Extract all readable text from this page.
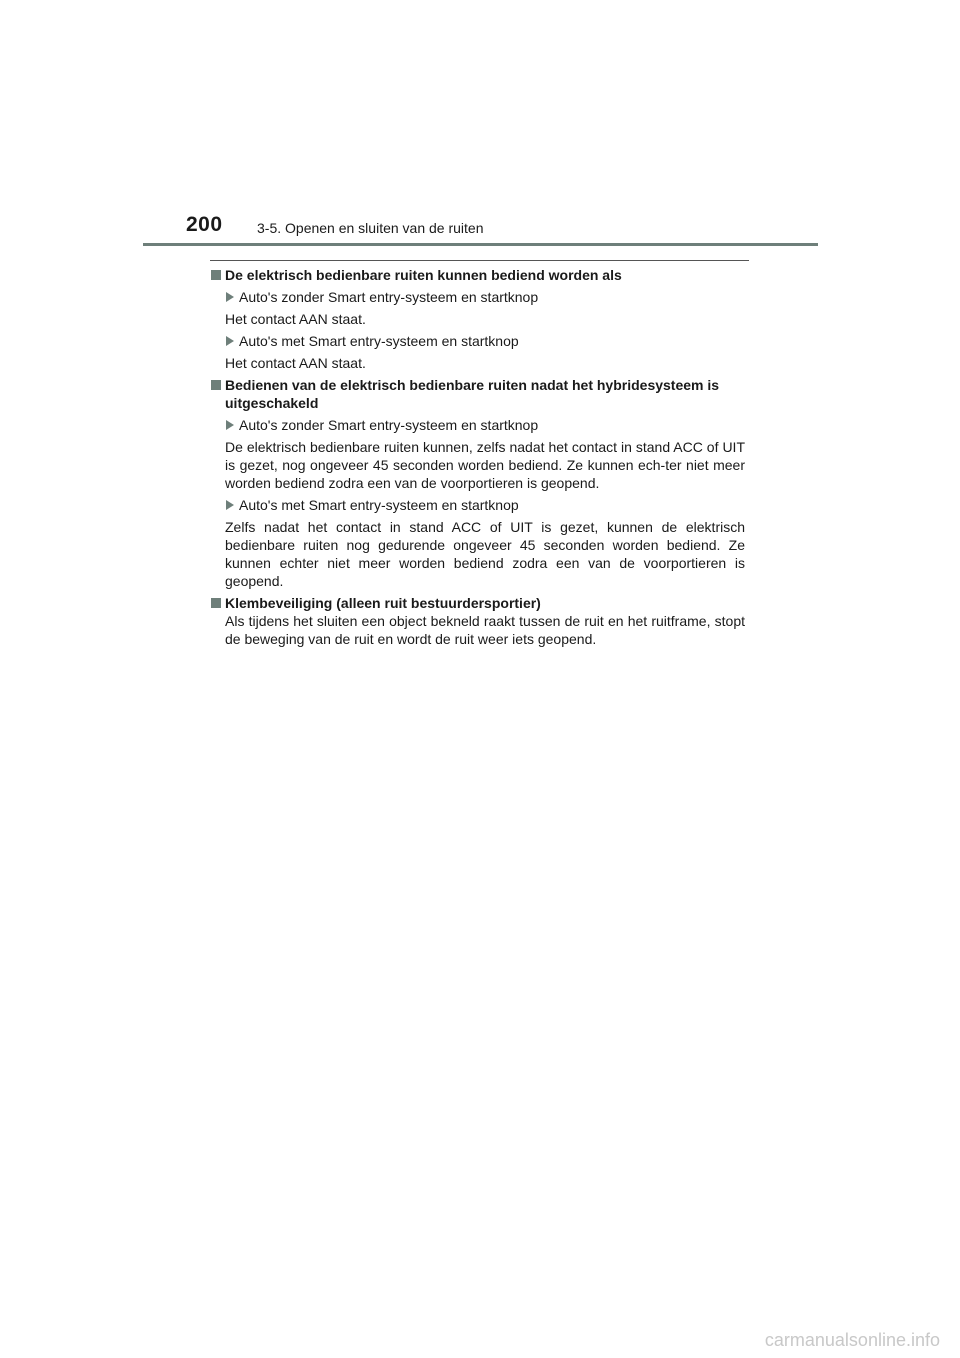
200 3-5. Openen en sluiten van de ruiten
De elektrisch bedienbare ruiten kunnen bediend worden als
Auto's zonder Smart entry-systeem en startknop
Het contact AAN staat.
Auto's met Smart entry-systeem en startknop
Het contact AAN staat.
Bedienen van de elektrisch bedienbare ruiten nadat het hybridesysteem is uitgeschakeld
Auto's zonder Smart entry-systeem en startknop
De elektrisch bedienbare ruiten kunnen, zelfs nadat het contact in stand ACC of UIT is gezet, nog ongeveer 45 seconden worden bediend. Ze kunnen ech-ter niet meer worden bediend zodra een van de voorportieren is geopend.
Auto's met Smart entry-systeem en startknop
Zelfs nadat het contact in stand ACC of UIT is gezet, kunnen de elektrisch bedienbare ruiten nog gedurende ongeveer 45 seconden worden bediend. Ze kunnen echter niet meer worden bediend zodra een van de voorportieren is geopend.
Klembeveiliging (alleen ruit bestuurdersportier)
Als tijdens het sluiten een object bekneld raakt tussen de ruit en het ruitframe, stopt de beweging van de ruit en wordt de ruit weer iets geopend.
carmanualsonline.info
